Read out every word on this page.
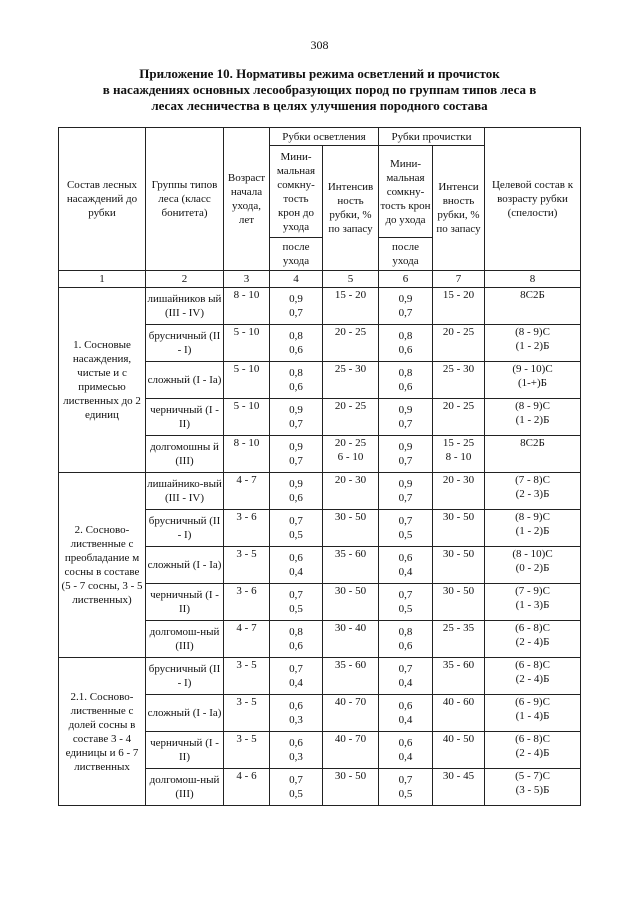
308
Приложение 10. Нормативы режима осветлений и прочисток
в насаждениях основных лесообразующих пород по группам типов леса в
лесах лесничества в целях улучшения породного состава
Состав лесных насаждений до рубки	Группы типов леса (класс бонитета)	Возраст начала ухода, лет	Рубки осветления		Рубки прочистки		Целевой состав к возрасту рубки (спелости)
			Мини-мальная сомкну-тость крон до ухода	Интенсив ность рубки, % по запасу	Мини-мальная сомкну-тость крон до ухода	Интенси вность рубки, % по запасу	
			после ухода		после ухода		
1	2	3	4	5	6	7	8
1. Сосновые насаждения, чистые и с примесью лиственных до 2 единиц	лишайников ый (III - IV)	8 - 10	0,9
0,7	15 - 20	0,9
0,7	15 - 20	8С2Б

	брусничный (II - I)	5 - 10	0,8
0,6	20 - 25	0,8
0,6	20 - 25	(8 - 9)С
(1 - 2)Б

	сложный (I - Iа)	5 - 10	0,8
0,6	25 - 30	0,8
0,6	25 - 30	(9 - 10)С
(1-+)Б

	черничный (I - II)	5 - 10	0,9
0,7	20 - 25	0,9
0,7	20 - 25	(8 - 9)С
(1 - 2)Б

	долгомошны й (III)	8 - 10	0,9
0,7	20 - 25
6 - 10	0,9
0,7	15 - 25
8 - 10	8С2Б

2. Сосново-лиственные с преобладание м сосны в составе (5 - 7 сосны, 3 - 5 лиственных)	лишайнико-вый (III - IV)	4 - 7	0,9
0,6	20 - 30	0,9
0,7	20 - 30	(7 - 8)С
(2 - 3)Б

	брусничный (II - I)	3 - 6	0,7
0,5	30 - 50	0,7
0,5	30 - 50	(8 - 9)С
(1 - 2)Б

	сложный (I - Iа)	3 - 5	0,6
0,4	35 - 60	0,6
0,4	30 - 50	(8 - 10)С
(0 - 2)Б

	черничный (I - II)	3 - 6	0,7
0,5	30 - 50	0,7
0,5	30 - 50	(7 - 9)С
(1 - 3)Б

	долгомош-ный (III)	4 - 7	0,8
0,6	30 - 40	0,8
0,6	25 - 35	(6 - 8)С
(2 - 4)Б

2.1. Сосново-лиственные с долей сосны в составе 3 - 4 единицы и 6 - 7 лиственных	брусничный (II - I)	3 - 5	0,7
0,4	35 - 60	0,7
0,4	35 - 60	(6 - 8)С
(2 - 4)Б

	сложный (I - Iа)	3 - 5	0,6
0,3	40 - 70	0,6
0,4	40 - 60	(6 - 9)С
(1 - 4)Б

	черничный (I - II)	3 - 5	0,6
0,3	40 - 70	0,6
0,4	40 - 50	(6 - 8)С
(2 - 4)Б

	долгомош-ный (III)	4 - 6	0,7
0,5	30 - 50	0,7
0,5	30 - 45	(5 - 7)С
(3 - 5)Б
